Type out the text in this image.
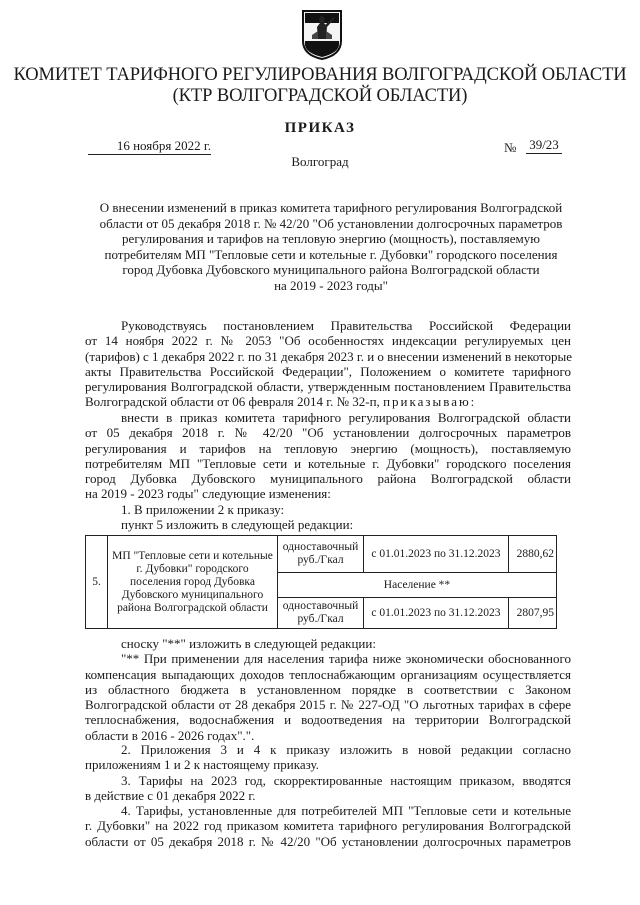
КОМИТЕТ ТАРИФНОГО РЕГУЛИРОВАНИЯ ВОЛГОГРАДСКОЙ ОБЛАСТИ
(КТР ВОЛГОГРАДСКОЙ ОБЛАСТИ)
ПРИКАЗ
16 ноября 2022 г.	№ 39/23
Волгоград
О внесении изменений в приказ комитета тарифного регулирования Волгоградской
области от 05 декабря 2018 г. № 42/20 "Об установлении долгосрочных параметров
регулирования и тарифов на тепловую энергию (мощность), поставляемую
потребителям МП "Тепловые сети и котельные г. Дубовки" городского поселения
город Дубовка Дубовского муниципального района Волгоградской области
на 2019 - 2023 годы"
Руководствуясь постановлением Правительства Российской Федерации
от 14 ноября 2022 г. № 2053 "Об особенностях индексации регулируемых цен
(тарифов) с 1 декабря 2022 г. по 31 декабря 2023 г. и о внесении изменений в некоторые
акты Правительства Российской Федерации", Положением о комитете тарифного
регулирования Волгоградской области, утвержденным постановлением Правительства
Волгоградской области от 06 февраля 2014 г. № 32-п, приказываю:
внести в приказ комитета тарифного регулирования Волгоградской области
от 05 декабря 2018 г. № 42/20 "Об установлении долгосрочных параметров
регулирования и тарифов на тепловую энергию (мощность), поставляемую
потребителям МП "Тепловые сети и котельные г. Дубовки" городского поселения
город Дубовка Дубовского муниципального района Волгоградской области
на 2019 - 2023 годы" следующие изменения:
1. В приложении 2 к приказу:
пункт 5 изложить в следующей редакции:
5.	МП "Тепловые сети и котельные г. Дубовки" городского поселения город Дубовка Дубовского муниципального района Волгоградской области	одноставочный руб./Гкал	с 01.01.2023 по 31.12.2023	2880,62
		Население **		
		одноставочный руб./Гкал	с 01.01.2023 по 31.12.2023	2807,95
сноску "**" изложить в следующей редакции:
"** При применении для населения тарифа ниже экономически обоснованного
компенсация выпадающих доходов теплоснабжающим организациям осуществляется
из областного бюджета в установленном порядке в соответствии с Законом
Волгоградской области от 28 декабря 2015 г. № 227-ОД "О льготных тарифах в сфере
теплоснабжения, водоснабжения и водоотведения на территории Волгоградской
области в 2016 - 2026 годах".".
2. Приложения 3 и 4 к приказу изложить в новой редакции согласно
приложениям 1 и 2 к настоящему приказу.
3. Тарифы на 2023 год, скорректированные настоящим приказом, вводятся
в действие с 01 декабря 2022 г.
4. Тарифы, установленные для потребителей МП "Тепловые сети и котельные
г. Дубовки" на 2022 год приказом комитета тарифного регулирования Волгоградской
области от 05 декабря 2018 г. № 42/20 "Об установлении долгосрочных параметров
